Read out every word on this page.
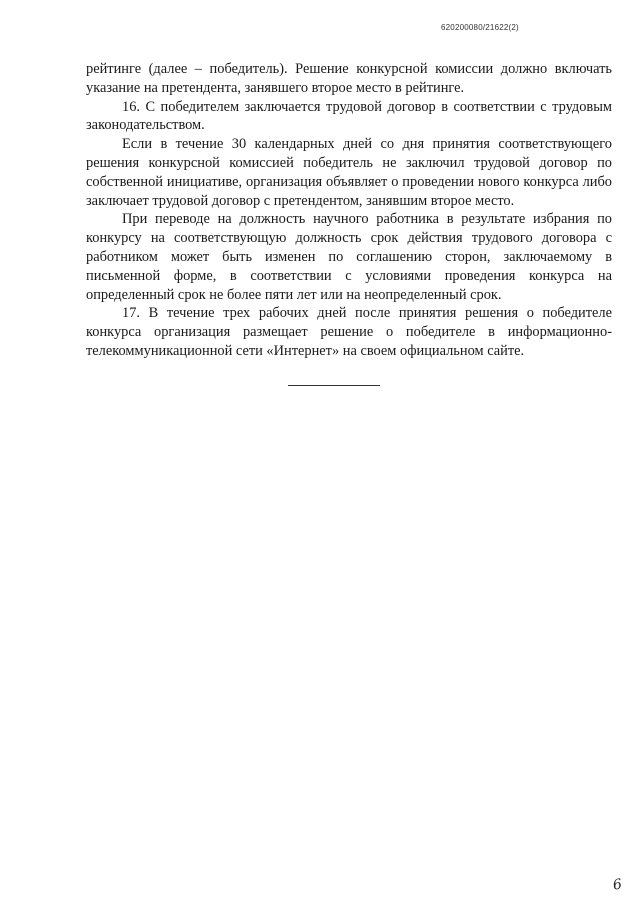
620200080/21622(2)

рейтинге (далее – победитель). Решение конкурсной комиссии должно включать указание на претендента, занявшего второе место в рейтинге.

16. С победителем заключается трудовой договор в соответствии с трудовым законодательством.

Если в течение 30 календарных дней со дня принятия соответствующего решения конкурсной комиссией победитель не заключил трудовой договор по собственной инициативе, организация объявляет о проведении нового конкурса либо заключает трудовой договор с претендентом, занявшим второе место.

При переводе на должность научного работника в результате избрания по конкурсу на соответствующую должность срок действия трудового договора с работником может быть изменен по соглашению сторон, заключаемому в письменной форме, в соответствии с условиями проведения конкурса на определенный срок не более пяти лет или на неопределенный срок.

17. В течение трех рабочих дней после принятия решения о победителе конкурса организация размещает решение о победителе в информационно-телекоммуникационной сети «Интернет» на своем официальном сайте.

6
